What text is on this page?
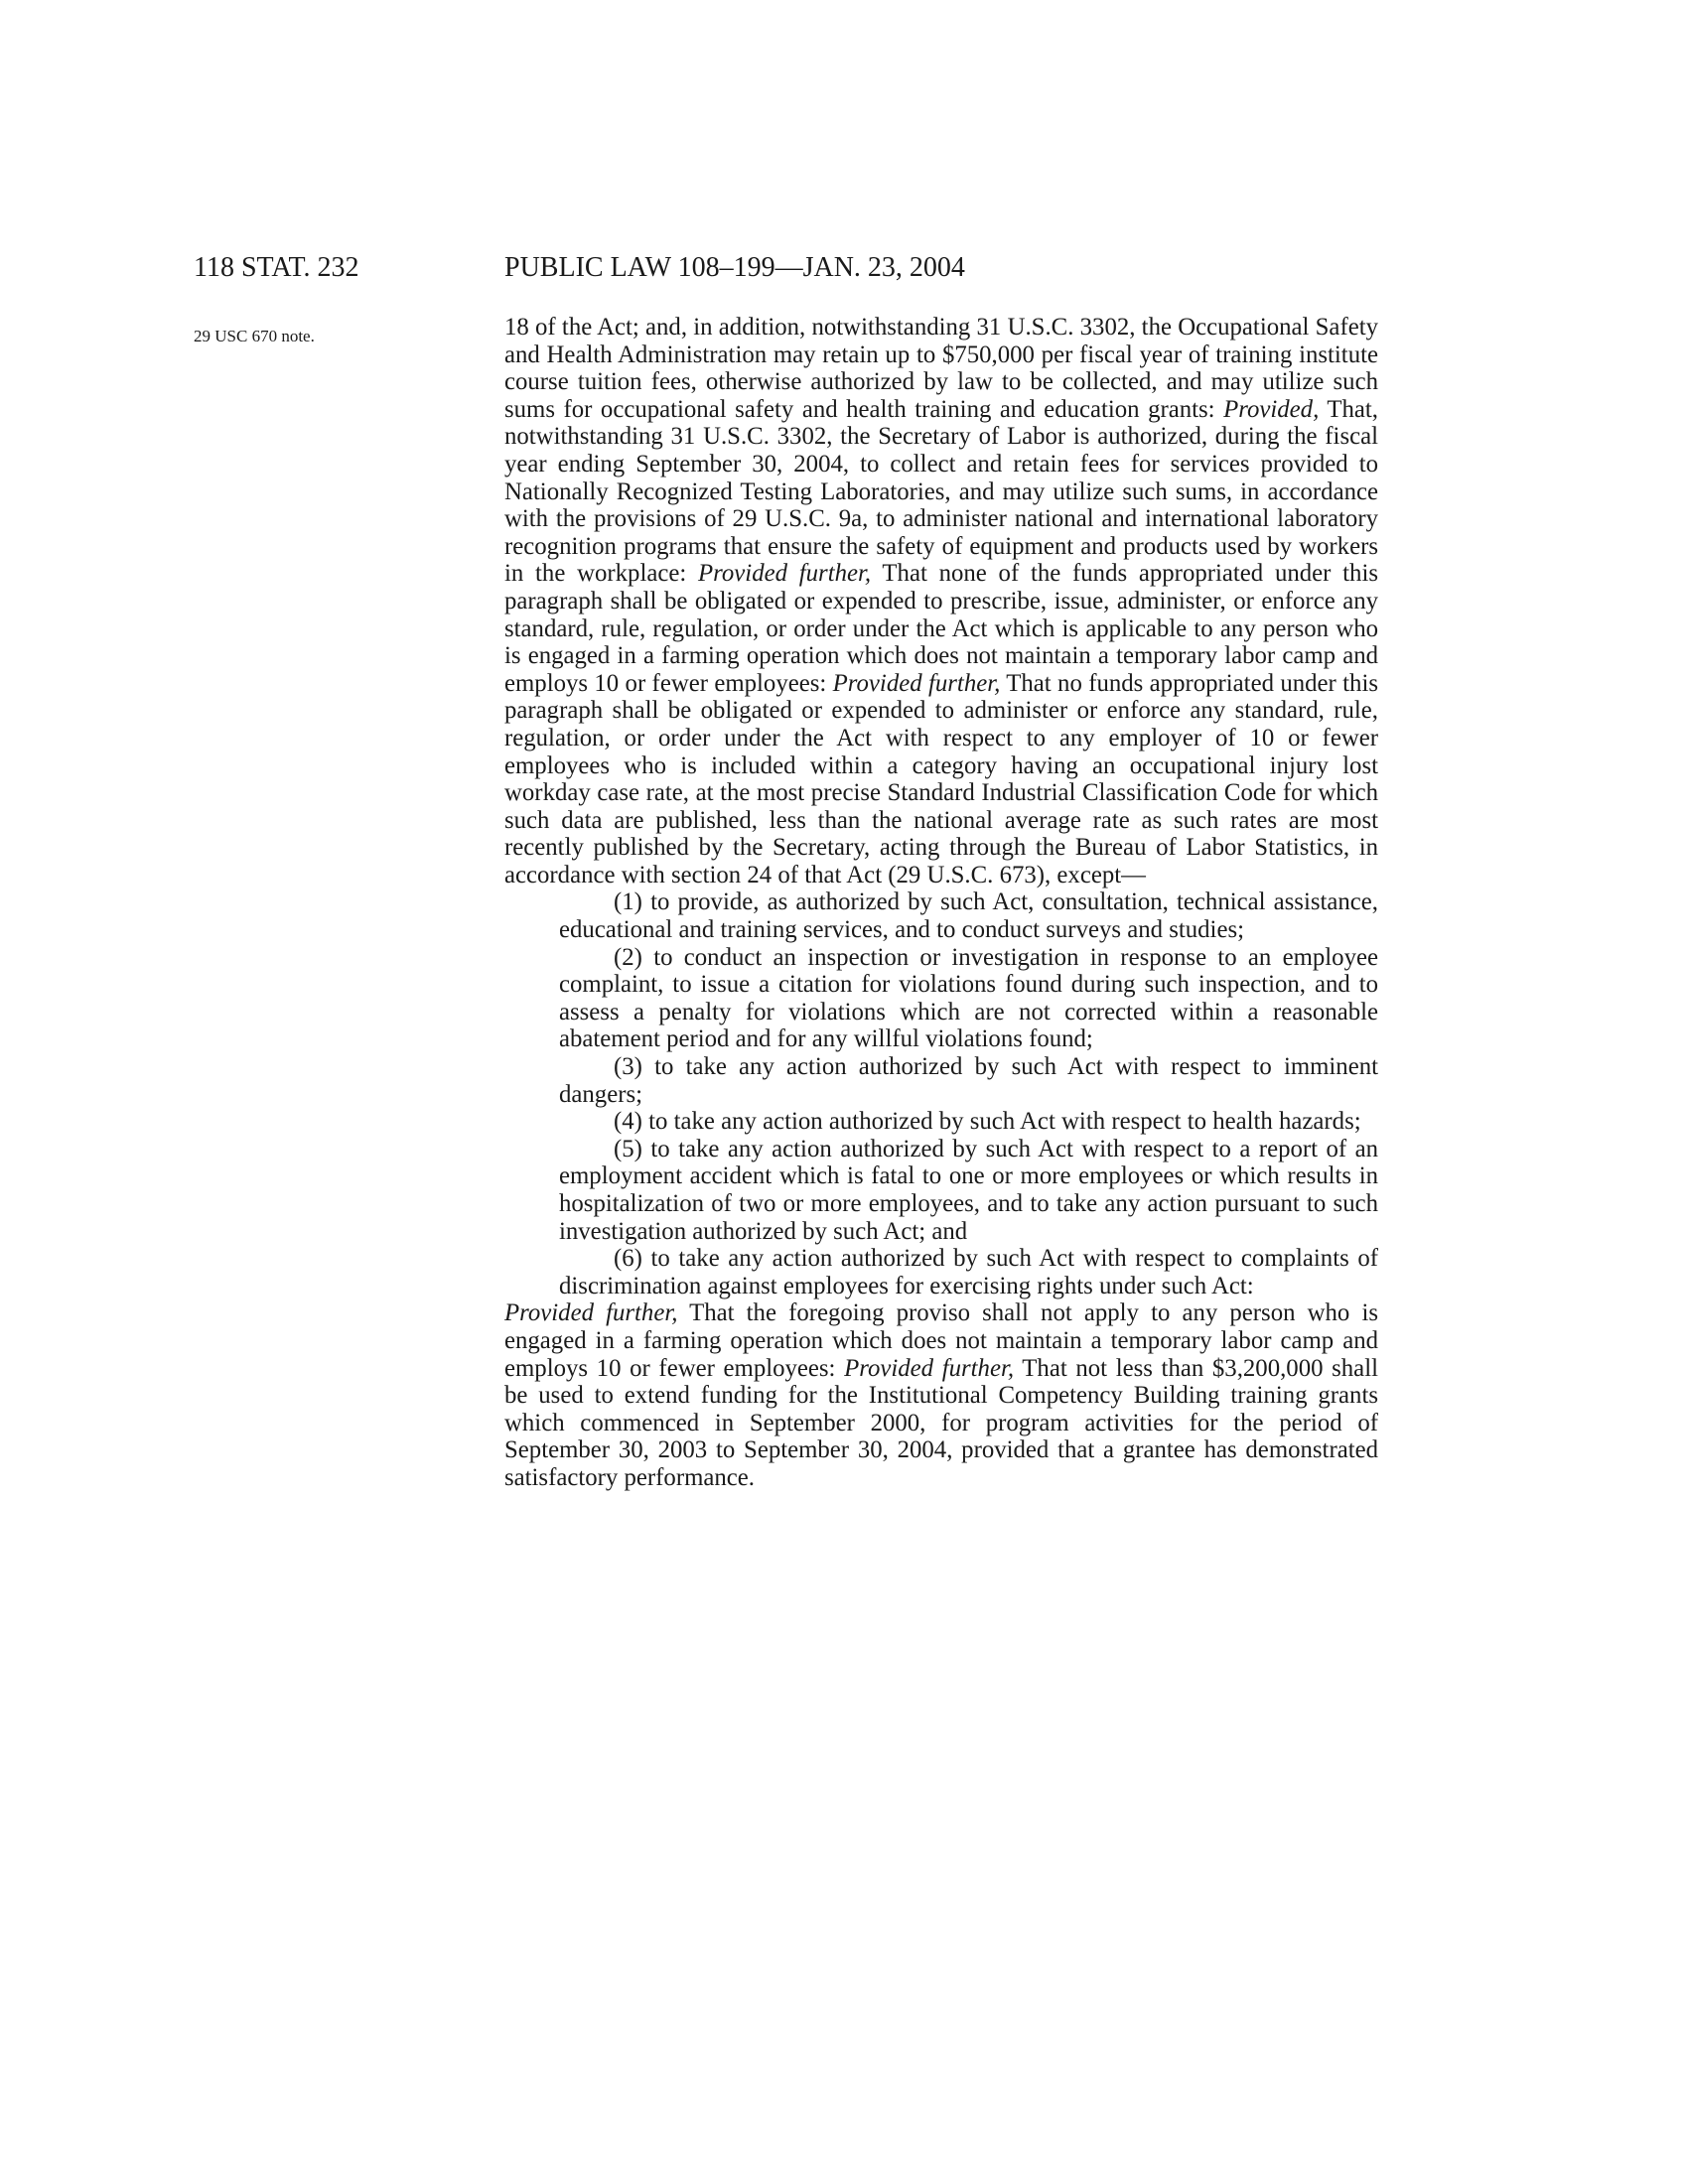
118 STAT. 232	PUBLIC LAW 108–199—JAN. 23, 2004
29 USC 670 note.	18 of the Act; and, in addition, notwithstanding 31 U.S.C. 3302, the Occupational Safety and Health Administration may retain up to $750,000 per fiscal year of training institute course tuition fees, otherwise authorized by law to be collected, and may utilize such sums for occupational safety and health training and education grants: Provided, That, notwithstanding 31 U.S.C. 3302, the Secretary of Labor is authorized, during the fiscal year ending September 30, 2004, to collect and retain fees for services provided to Nationally Recognized Testing Laboratories, and may utilize such sums, in accordance with the provisions of 29 U.S.C. 9a, to administer national and international laboratory recognition programs that ensure the safety of equipment and products used by workers in the workplace: Provided further, That none of the funds appropriated under this paragraph shall be obligated or expended to prescribe, issue, administer, or enforce any standard, rule, regulation, or order under the Act which is applicable to any person who is engaged in a farming operation which does not maintain a temporary labor camp and employs 10 or fewer employees: Provided further, That no funds appropriated under this paragraph shall be obligated or expended to administer or enforce any standard, rule, regulation, or order under the Act with respect to any employer of 10 or fewer employees who is included within a category having an occupational injury lost workday case rate, at the most precise Standard Industrial Classification Code for which such data are published, less than the national average rate as such rates are most recently published by the Secretary, acting through the Bureau of Labor Statistics, in accordance with section 24 of that Act (29 U.S.C. 673), except—

(1) to provide, as authorized by such Act, consultation, technical assistance, educational and training services, and to conduct surveys and studies;

(2) to conduct an inspection or investigation in response to an employee complaint, to issue a citation for violations found during such inspection, and to assess a penalty for violations which are not corrected within a reasonable abatement period and for any willful violations found;

(3) to take any action authorized by such Act with respect to imminent dangers;

(4) to take any action authorized by such Act with respect to health hazards;

(5) to take any action authorized by such Act with respect to a report of an employment accident which is fatal to one or more employees or which results in hospitalization of two or more employees, and to take any action pursuant to such investigation authorized by such Act; and

(6) to take any action authorized by such Act with respect to complaints of discrimination against employees for exercising rights under such Act:

Provided further, That the foregoing proviso shall not apply to any person who is engaged in a farming operation which does not maintain a temporary labor camp and employs 10 or fewer employees: Provided further, That not less than $3,200,000 shall be used to extend funding for the Institutional Competency Building training grants which commenced in September 2000, for program activities for the period of September 30, 2003 to September 30, 2004, provided that a grantee has demonstrated satisfactory performance.
